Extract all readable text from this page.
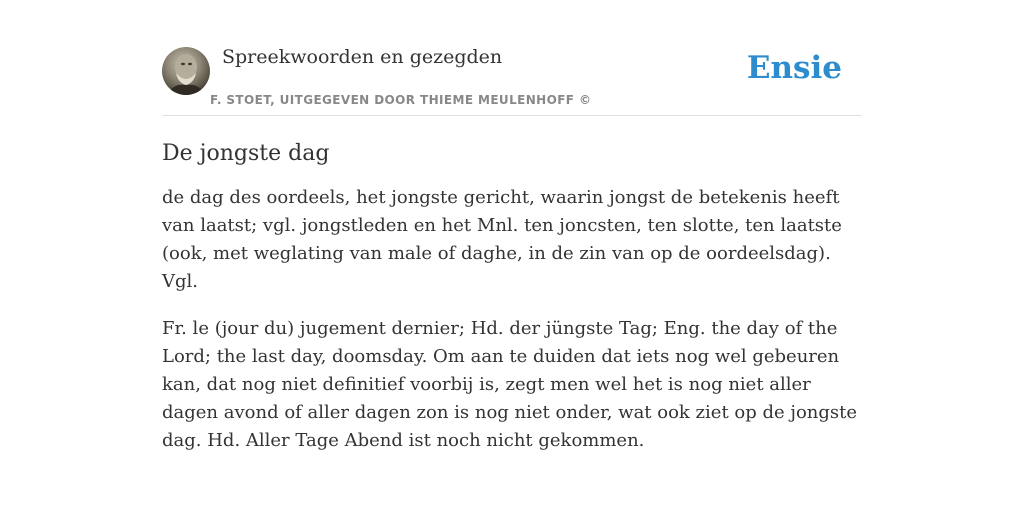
Spreekwoorden en gezegden
F. STOET, UITGEGEVEN DOOR THIEME MEULENHOFF ©
Ensie
De jongste dag

de dag des oordeels, het jongste gericht, waarin jongst de betekenis heeft van laatst; vgl. jongstleden en het Mnl. ten joncsten, ten slotte, ten laatste (ook, met weglating van male of daghe, in de zin van op de oordeelsdag). Vgl.

Fr. le (jour du) jugement dernier; Hd. der jüngste Tag; Eng. the day of the Lord; the last day, doomsday. Om aan te duiden dat iets nog wel gebeuren kan, dat nog niet definitief voorbij is, zegt men wel het is nog niet aller dagen avond of aller dagen zon is nog niet onder, wat ook ziet op de jongste dag. Hd. Aller Tage Abend ist noch nicht gekommen.
